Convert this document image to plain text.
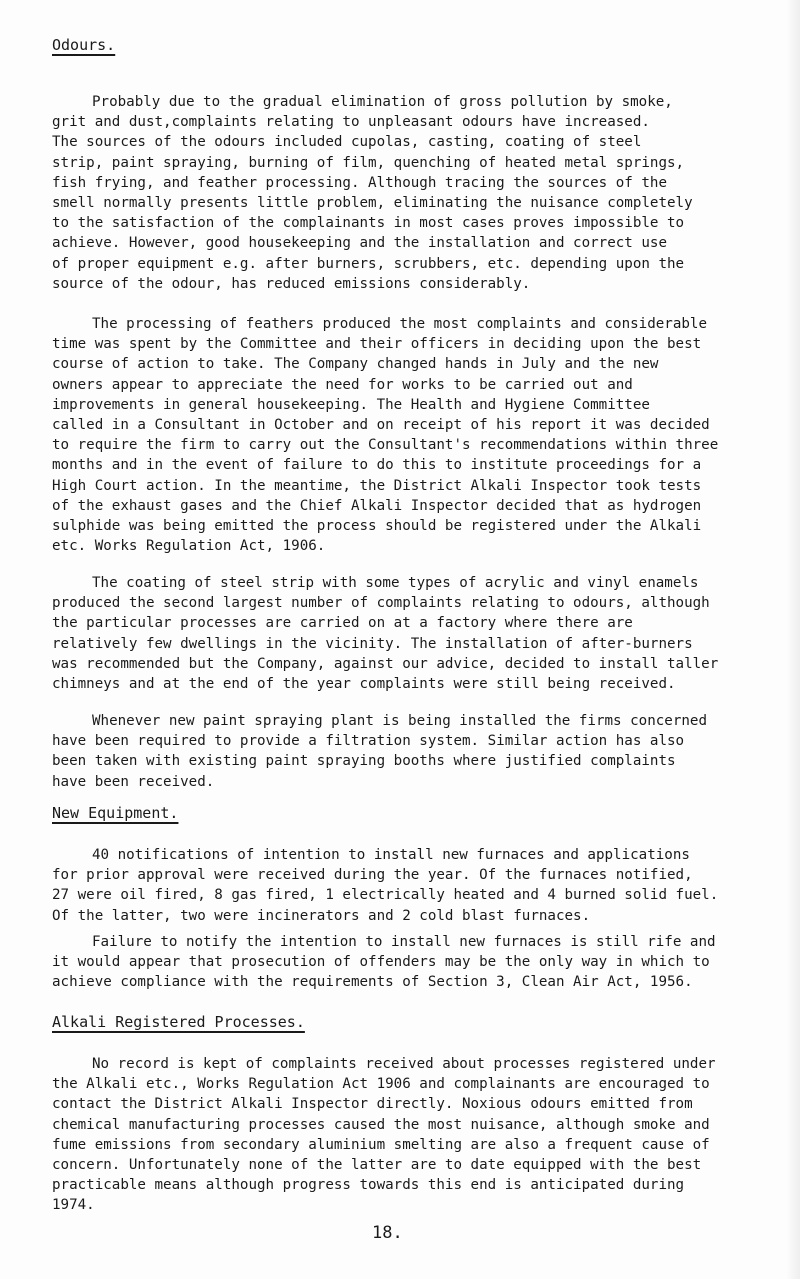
Odours.
Probably due to the gradual elimination of gross pollution by smoke,
grit and dust,complaints relating to unpleasant odours have increased.
The sources of the odours included cupolas, casting, coating of steel
strip, paint spraying, burning of film, quenching of heated metal springs,
fish frying, and feather processing. Although tracing the sources of the
smell normally presents little problem, eliminating the nuisance completely
to the satisfaction of the complainants in most cases proves impossible to
achieve. However, good housekeeping and the installation and correct use
of proper equipment e.g. after burners, scrubbers, etc. depending upon the
source of the odour, has reduced emissions considerably.
The processing of feathers produced the most complaints and considerable
time was spent by the Committee and their officers in deciding upon the best
course of action to take. The Company changed hands in July and the new
owners appear to appreciate the need for works to be carried out and
improvements in general housekeeping. The Health and Hygiene Committee
called in a Consultant in October and on receipt of his report it was decided
to require the firm to carry out the Consultant's recommendations within three
months and in the event of failure to do this to institute proceedings for a
High Court action. In the meantime, the District Alkali Inspector took tests
of the exhaust gases and the Chief Alkali Inspector decided that as hydrogen
sulphide was being emitted the process should be registered under the Alkali
etc. Works Regulation Act, 1906.
The coating of steel strip with some types of acrylic and vinyl enamels
produced the second largest number of complaints relating to odours, although
the particular processes are carried on at a factory where there are
relatively few dwellings in the vicinity. The installation of after-burners
was recommended but the Company, against our advice, decided to install taller
chimneys and at the end of the year complaints were still being received.
Whenever new paint spraying plant is being installed the firms concerned
have been required to provide a filtration system. Similar action has also
been taken with existing paint spraying booths where justified complaints
have been received.
New Equipment.
40 notifications of intention to install new furnaces and applications
for prior approval were received during the year. Of the furnaces notified,
27 were oil fired, 8 gas fired, 1 electrically heated and 4 burned solid fuel.
Of the latter, two were incinerators and 2 cold blast furnaces.
Failure to notify the intention to install new furnaces is still rife and
it would appear that prosecution of offenders may be the only way in which to
achieve compliance with the requirements of Section 3, Clean Air Act, 1956.
Alkali Registered Processes.
No record is kept of complaints received about processes registered under
the Alkali etc., Works Regulation Act 1906 and complainants are encouraged to
contact the District Alkali Inspector directly. Noxious odours emitted from
chemical manufacturing processes caused the most nuisance, although smoke and
fume emissions from secondary aluminium smelting are also a frequent cause of
concern. Unfortunately none of the latter are to date equipped with the best
practicable means although progress towards this end is anticipated during
1974.
18.
